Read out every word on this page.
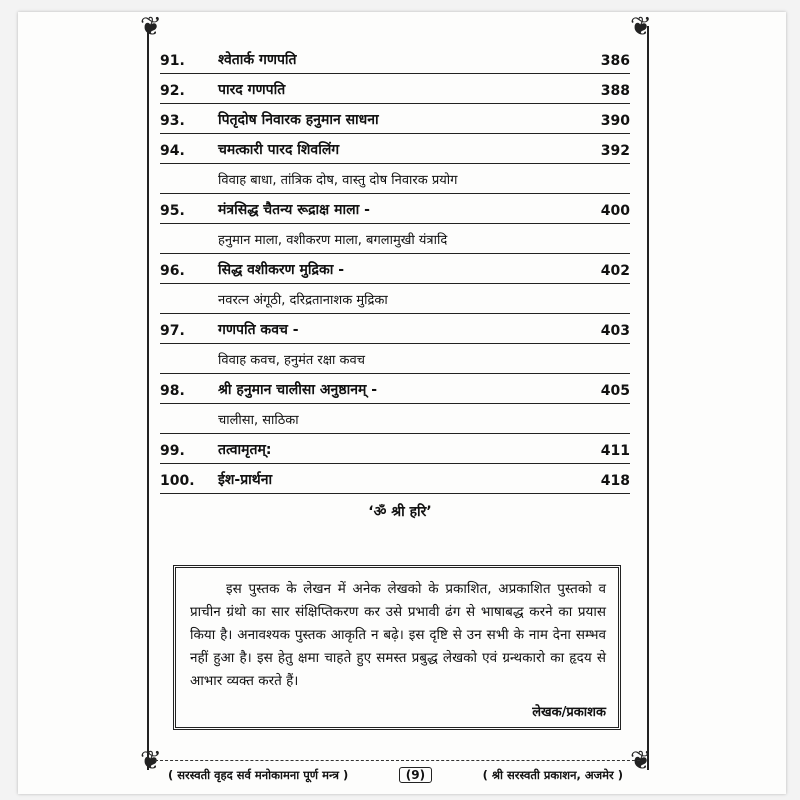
❦	❦
❦	❦
91.	श्वेतार्क गणपति	386
92.	पारद गणपति	388
93.	पितृदोष निवारक हनुमान साधना	390
94.	चमत्कारी पारद शिवलिंग	392
विवाह बाधा, तांत्रिक दोष, वास्तु दोष निवारक प्रयोग
95.	मंत्रसिद्ध चैतन्य रूद्राक्ष माला -	400
हनुमान माला, वशीकरण माला, बगलामुखी यंत्रादि
96.	सिद्ध वशीकरण मुद्रिका -	402
नवरत्न अंगूठी, दरिद्रतानाशक मुद्रिका
97.	गणपति कवच -	403
विवाह कवच, हनुमंत रक्षा कवच
98.	श्री हनुमान चालीसा अनुष्ठानम् -	405
चालीसा, साठिका
99.	तत्वामृतम्:	411
100.	ईश-प्रार्थना	418
‘ॐ श्री हरि’

इस पुस्तक के लेखन में अनेक लेखको के प्रकाशित, अप्रकाशित पुस्तको व प्राचीन ग्रंथो का सार संक्षिप्तिकरण कर उसे प्रभावी ढंग से भाषाबद्ध करने का प्रयास किया है। अनावश्यक पुस्तक आकृति न बढ़े। इस दृष्टि से उन सभी के नाम देना सम्भव नहीं हुआ है। इस हेतु क्षमा चाहते हुए समस्त प्रबुद्ध लेखको एवं ग्रन्थकारो का हृदय से आभार व्यक्त करते हैं।

लेखक/प्रकाशक
( सरस्वती वृहद सर्व मनोकामना पूर्ण मन्त्र )	(9)	( श्री सरस्वती प्रकाशन, अजमेर )
